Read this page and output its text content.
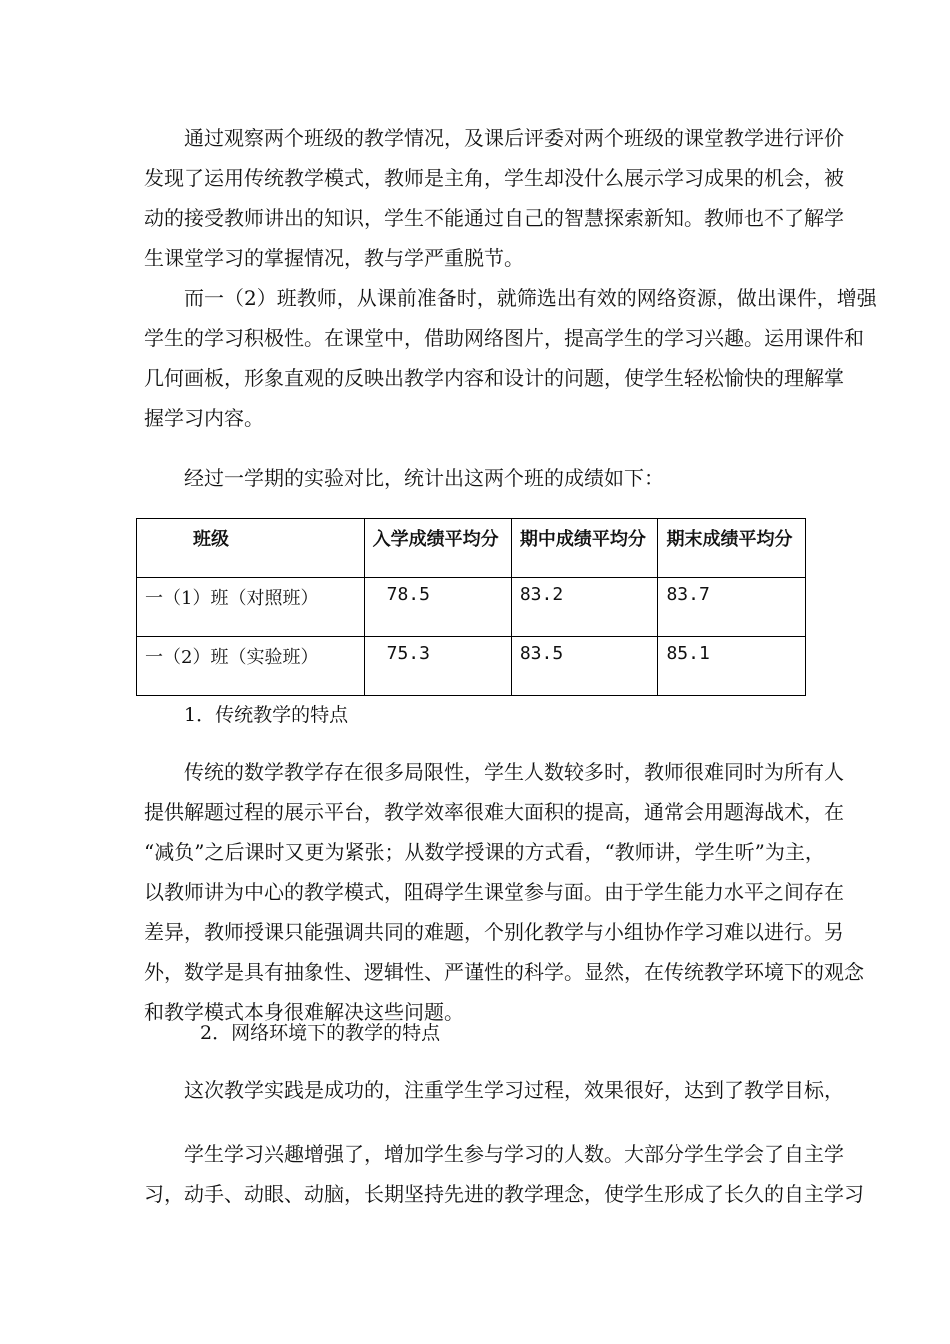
通过观察两个班级的教学情况，及课后评委对两个班级的课堂教学进行评价
发现了运用传统教学模式，教师是主角，学生却没什么展示学习成果的机会，被
动的接受教师讲出的知识，学生不能通过自己的智慧探索新知。教师也不了解学
生课堂学习的掌握情况，教与学严重脱节。
而一（2）班教师，从课前准备时，就筛选出有效的网络资源，做出课件，增强
学生的学习积极性。在课堂中，借助网络图片，提高学生的学习兴趣。运用课件和
几何画板，形象直观的反映出教学内容和设计的问题，使学生轻松愉快的理解掌
握学习内容。
经过一学期的实验对比，统计出这两个班的成绩如下：
班级	入学成绩平均分	期中成绩平均分	期末成绩平均分
一（1）班（对照班）	78.5	83.2	83.7
一（2）班（实验班）	75.3	83.5	85.1
1．传统教学的特点
传统的数学教学存在很多局限性，学生人数较多时，教师很难同时为所有人
提供解题过程的展示平台，教学效率很难大面积的提高，通常会用题海战术，在
“减负”之后课时又更为紧张；从数学授课的方式看，“教师讲，学生听”为主，
以教师讲为中心的教学模式，阻碍学生课堂参与面。由于学生能力水平之间存在
差异，教师授课只能强调共同的难题，个别化教学与小组协作学习难以进行。另
外，数学是具有抽象性、逻辑性、严谨性的科学。显然，在传统教学环境下的观念
和教学模式本身很难解决这些问题。
2．网络环境下的教学的特点
这次教学实践是成功的，注重学生学习过程，效果很好，达到了教学目标，
学生学习兴趣增强了，增加学生参与学习的人数。大部分学生学会了自主学
习，动手、动眼、动脑，长期坚持先进的教学理念，使学生形成了长久的自主学习
